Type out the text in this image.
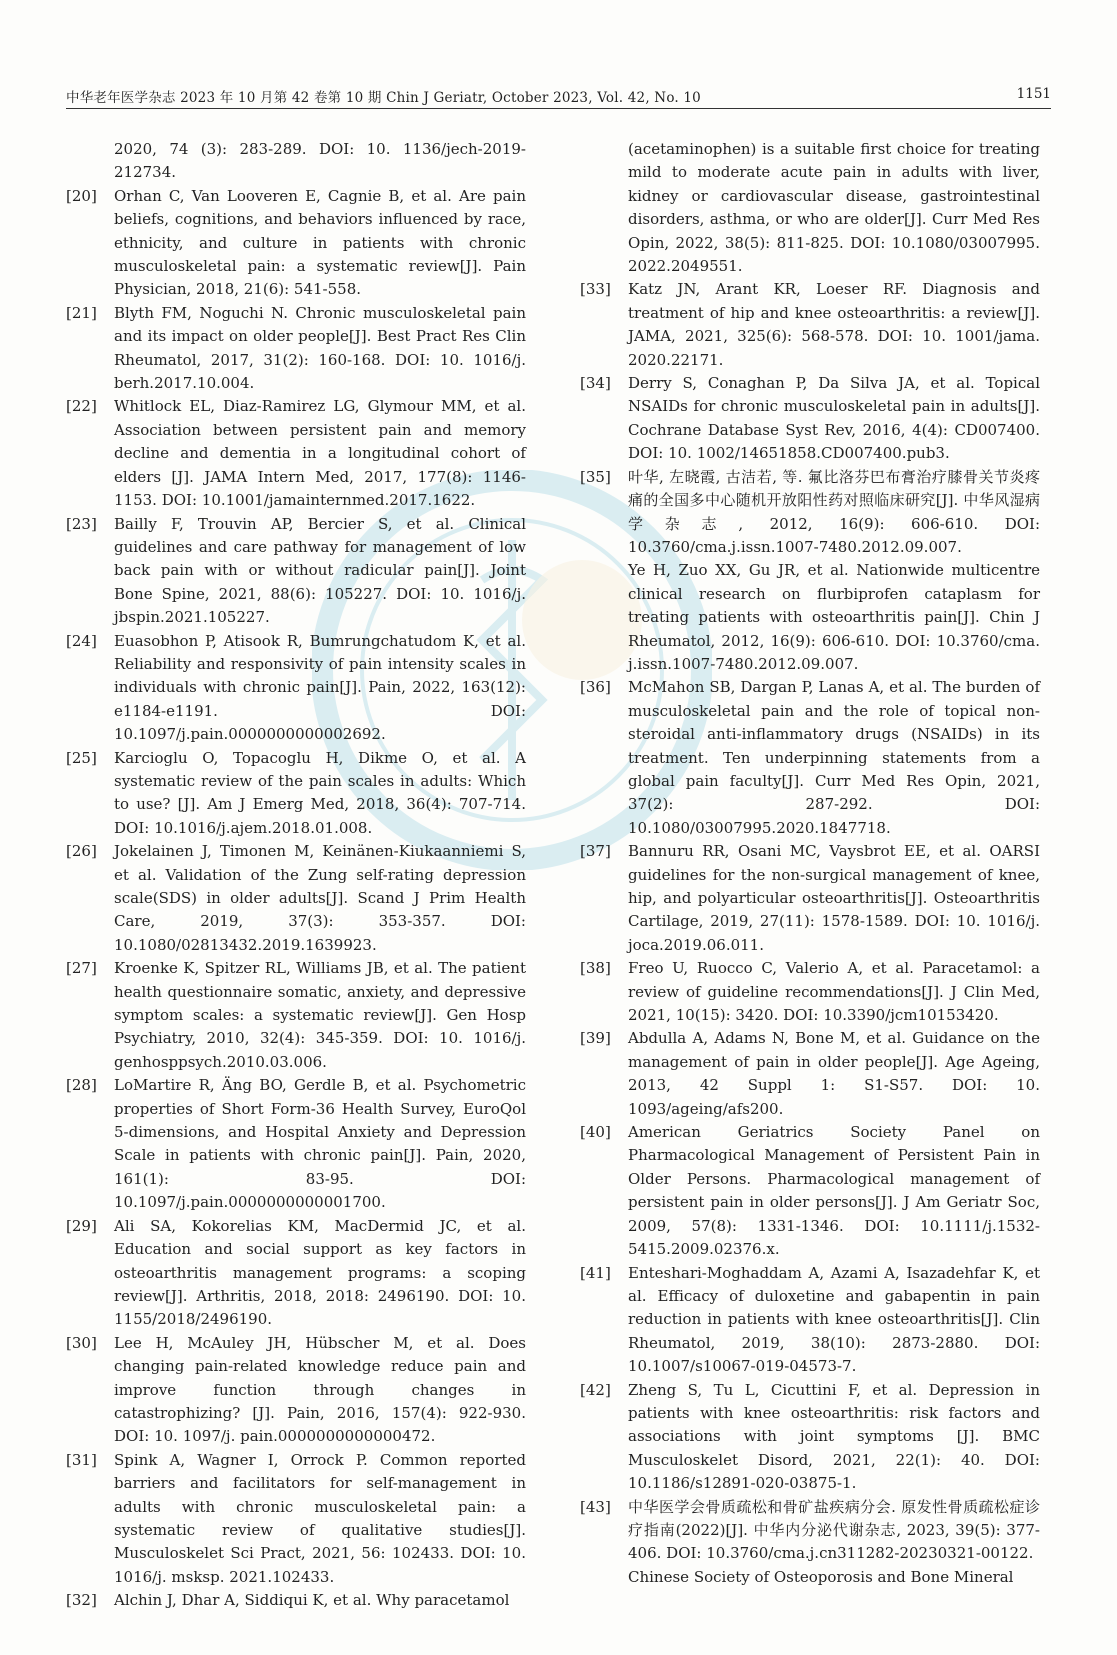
中华老年医学杂志 2023 年 10 月第 42 卷第 10 期 Chin J Geriatr, October 2023, Vol. 42, No. 10	1151
2020, 74 (3): 283-289. DOI: 10. 1136/jech-2019-212734.
[20] Orhan C, Van Looveren E, Cagnie B, et al. Are pain beliefs, cognitions, and behaviors influenced by race, ethnicity, and culture in patients with chronic musculoskeletal pain: a systematic review[J]. Pain Physician, 2018, 21(6): 541-558.
[21] Blyth FM, Noguchi N. Chronic musculoskeletal pain and its impact on older people[J]. Best Pract Res Clin Rheumatol, 2017, 31(2): 160-168. DOI: 10. 1016/j. berh.2017.10.004.
[22] Whitlock EL, Diaz-Ramirez LG, Glymour MM, et al. Association between persistent pain and memory decline and dementia in a longitudinal cohort of elders [J]. JAMA Intern Med, 2017, 177(8): 1146-1153. DOI: 10.1001/jamainternmed.2017.1622.
[23] Bailly F, Trouvin AP, Bercier S, et al. Clinical guidelines and care pathway for management of low back pain with or without radicular pain[J]. Joint Bone Spine, 2021, 88(6): 105227. DOI: 10. 1016/j. jbspin.2021.105227.
[24] Euasobhon P, Atisook R, Bumrungchatudom K, et al. Reliability and responsivity of pain intensity scales in individuals with chronic pain[J]. Pain, 2022, 163(12): e1184-e1191. DOI: 10.1097/j.pain.0000000000002692.
[25] Karcioglu O, Topacoglu H, Dikme O, et al. A systematic review of the pain scales in adults: Which to use? [J]. Am J Emerg Med, 2018, 36(4): 707-714. DOI: 10.1016/j.ajem.2018.01.008.
[26] Jokelainen J, Timonen M, Keinänen-Kiukaanniemi S, et al. Validation of the Zung self-rating depression scale(SDS) in older adults[J]. Scand J Prim Health Care, 2019, 37(3): 353-357. DOI: 10.1080/02813432.2019.1639923.
[27] Kroenke K, Spitzer RL, Williams JB, et al. The patient health questionnaire somatic, anxiety, and depressive symptom scales: a systematic review[J]. Gen Hosp Psychiatry, 2010, 32(4): 345-359. DOI: 10. 1016/j. genhosppsych.2010.03.006.
[28] LoMartire R, Äng BO, Gerdle B, et al. Psychometric properties of Short Form-36 Health Survey, EuroQol 5-dimensions, and Hospital Anxiety and Depression Scale in patients with chronic pain[J]. Pain, 2020, 161(1): 83-95. DOI: 10.1097/j.pain.0000000000001700.
[29] Ali SA, Kokorelias KM, MacDermid JC, et al. Education and social support as key factors in osteoarthritis management programs: a scoping review[J]. Arthritis, 2018, 2018: 2496190. DOI: 10. 1155/2018/2496190.
[30] Lee H, McAuley JH, Hübscher M, et al. Does changing pain-related knowledge reduce pain and improve function through changes in catastrophizing? [J]. Pain, 2016, 157(4): 922-930. DOI: 10. 1097/j. pain.0000000000000472.
[31] Spink A, Wagner I, Orrock P. Common reported barriers and facilitators for self-management in adults with chronic musculoskeletal pain: a systematic review of qualitative studies[J]. Musculoskelet Sci Pract, 2021, 56: 102433. DOI: 10. 1016/j. msksp. 2021.102433.
[32] Alchin J, Dhar A, Siddiqui K, et al. Why paracetamol
(acetaminophen) is a suitable first choice for treating mild to moderate acute pain in adults with liver, kidney or cardiovascular disease, gastrointestinal disorders, asthma, or who are older[J]. Curr Med Res Opin, 2022, 38(5): 811-825. DOI: 10.1080/03007995. 2022.2049551.
[33] Katz JN, Arant KR, Loeser RF. Diagnosis and treatment of hip and knee osteoarthritis: a review[J]. JAMA, 2021, 325(6): 568-578. DOI: 10. 1001/jama. 2020.22171.
[34] Derry S, Conaghan P, Da Silva JA, et al. Topical NSAIDs for chronic musculoskeletal pain in adults[J]. Cochrane Database Syst Rev, 2016, 4(4): CD007400. DOI: 10. 1002/14651858.CD007400.pub3.
[35] 叶华, 左晓霞, 古洁若, 等. 氟比洛芬巴布膏治疗膝骨关节炎疼痛的全国多中心随机开放阳性药对照临床研究[J]. 中华风湿病学杂志, 2012, 16(9): 606-610. DOI: 10.3760/cma.j.issn.1007-7480.2012.09.007.
Ye H, Zuo XX, Gu JR, et al. Nationwide multicentre clinical research on flurbiprofen cataplasm for treating patients with osteoarthritis pain[J]. Chin J Rheumatol, 2012, 16(9): 606-610. DOI: 10.3760/cma. j.issn.1007-7480.2012.09.007.
[36] McMahon SB, Dargan P, Lanas A, et al. The burden of musculoskeletal pain and the role of topical non-steroidal anti-inflammatory drugs (NSAIDs) in its treatment. Ten underpinning statements from a global pain faculty[J]. Curr Med Res Opin, 2021, 37(2): 287-292. DOI: 10.1080/03007995.2020.1847718.
[37] Bannuru RR, Osani MC, Vaysbrot EE, et al. OARSI guidelines for the non-surgical management of knee, hip, and polyarticular osteoarthritis[J]. Osteoarthritis Cartilage, 2019, 27(11): 1578-1589. DOI: 10. 1016/j. joca.2019.06.011.
[38] Freo U, Ruocco C, Valerio A, et al. Paracetamol: a review of guideline recommendations[J]. J Clin Med, 2021, 10(15): 3420. DOI: 10.3390/jcm10153420.
[39] Abdulla A, Adams N, Bone M, et al. Guidance on the management of pain in older people[J]. Age Ageing, 2013, 42 Suppl 1: S1-S57. DOI: 10. 1093/ageing/afs200.
[40] American Geriatrics Society Panel on Pharmacological Management of Persistent Pain in Older Persons. Pharmacological management of persistent pain in older persons[J]. J Am Geriatr Soc, 2009, 57(8): 1331-1346. DOI: 10.1111/j.1532-5415.2009.02376.x.
[41] Enteshari-Moghaddam A, Azami A, Isazadehfar K, et al. Efficacy of duloxetine and gabapentin in pain reduction in patients with knee osteoarthritis[J]. Clin Rheumatol, 2019, 38(10): 2873-2880. DOI: 10.1007/s10067-019-04573-7.
[42] Zheng S, Tu L, Cicuttini F, et al. Depression in patients with knee osteoarthritis: risk factors and associations with joint symptoms [J]. BMC Musculoskelet Disord, 2021, 22(1): 40. DOI: 10.1186/s12891-020-03875-1.
[43] 中华医学会骨质疏松和骨矿盐疾病分会. 原发性骨质疏松症诊疗指南(2022)[J]. 中华内分泌代谢杂志, 2023, 39(5): 377-406. DOI: 10.3760/cma.j.cn311282-20230321-00122.
Chinese Society of Osteoporosis and Bone Mineral
